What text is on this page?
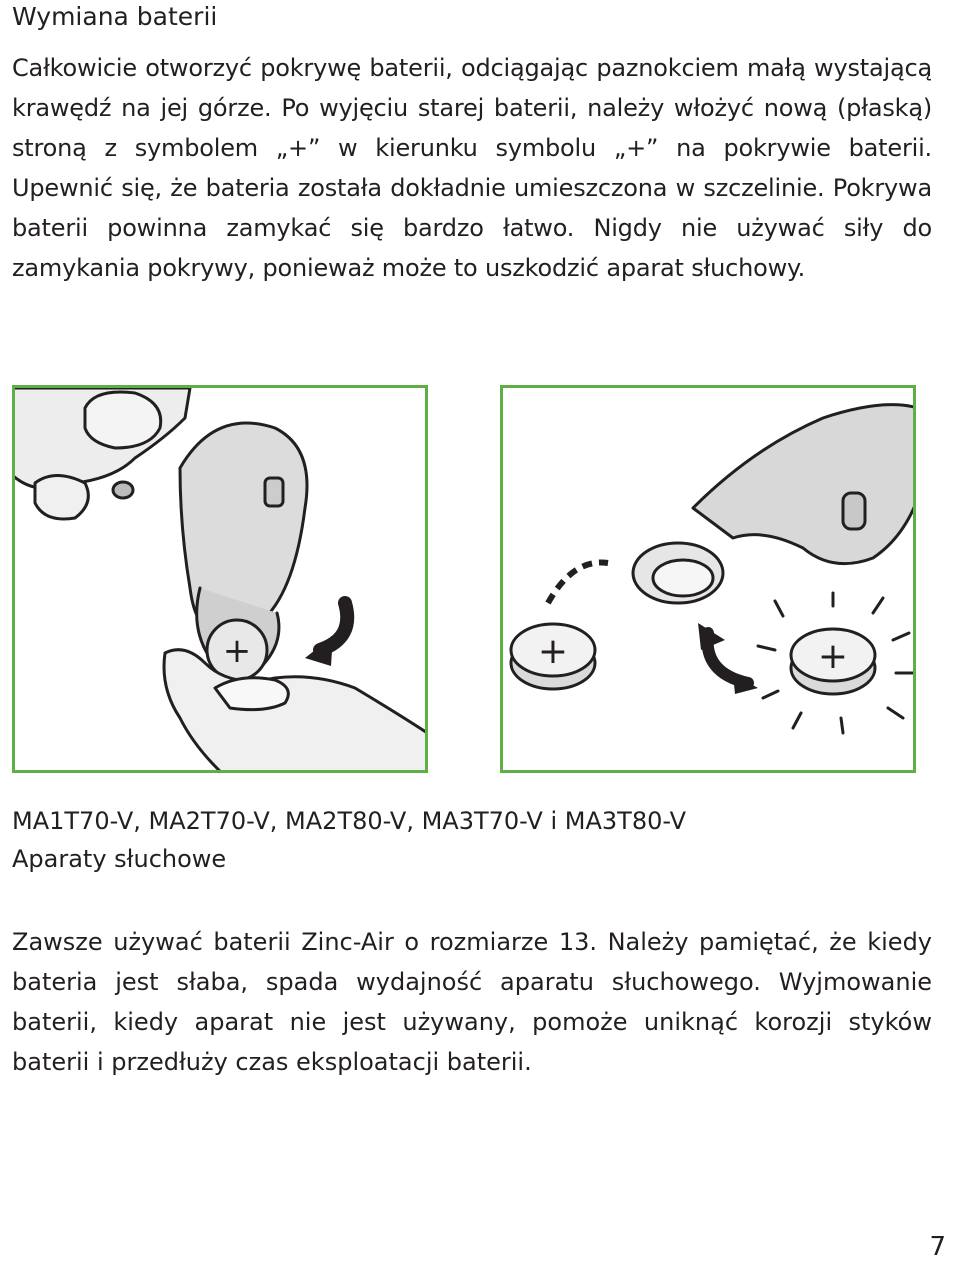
Wymiana baterii

Całkowicie otworzyć pokrywę baterii, odciągając paznokciem małą wystającą krawędź na jej górze. Po wyjęciu starej baterii, należy włożyć nową (płaską) stroną z symbolem „+” w kierunku symbolu „+” na pokrywie baterii. Upewnić się, że bateria została dokładnie umieszczona w szczelinie. Pokrywa baterii powinna zamykać się bardzo łatwo. Nigdy nie używać siły do zamykania pokrywy, ponieważ może to uszkodzić aparat słuchowy.

+	+	+

MA1T70-V, MA2T70-V, MA2T80-V, MA3T70-V i MA3T80-V
Aparaty słuchowe

Zawsze używać baterii Zinc-Air o rozmiarze 13. Należy pamiętać, że kiedy bateria jest słaba, spada wydajność aparatu słuchowego. Wyjmowanie baterii, kiedy aparat nie jest używany, pomoże uniknąć korozji styków baterii i przedłuży czas eksploatacji baterii.

7
